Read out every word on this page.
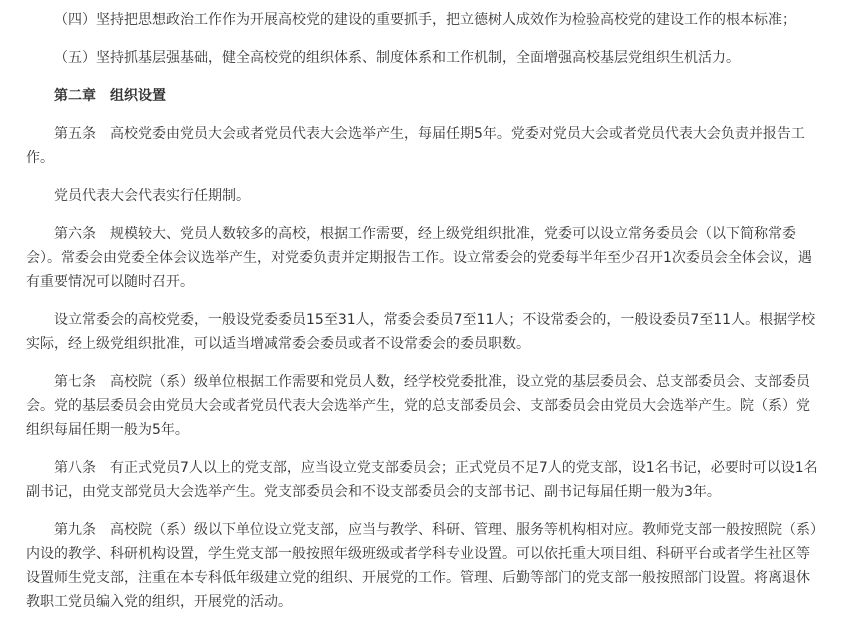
（四）坚持把思想政治工作作为开展高校党的建设的重要抓手，把立德树人成效作为检验高校党的建设工作的根本标准；

（五）坚持抓基层强基础，健全高校党的组织体系、制度体系和工作机制，全面增强高校基层党组织生机活力。

第二章　组织设置

第五条　高校党委由党员大会或者党员代表大会选举产生，每届任期5年。党委对党员大会或者党员代表大会负责并报告工作。

党员代表大会代表实行任期制。

第六条　规模较大、党员人数较多的高校，根据工作需要，经上级党组织批准，党委可以设立常务委员会（以下简称常委会）。常委会由党委全体会议选举产生，对党委负责并定期报告工作。设立常委会的党委每半年至少召开1次委员会全体会议，遇有重要情况可以随时召开。

设立常委会的高校党委，一般设党委委员15至31人，常委会委员7至11人；不设常委会的，一般设委员7至11人。根据学校实际，经上级党组织批准，可以适当增减常委会委员或者不设常委会的委员职数。

第七条　高校院（系）级单位根据工作需要和党员人数，经学校党委批准，设立党的基层委员会、总支部委员会、支部委员会。党的基层委员会由党员大会或者党员代表大会选举产生，党的总支部委员会、支部委员会由党员大会选举产生。院（系）党组织每届任期一般为5年。

第八条　有正式党员7人以上的党支部，应当设立党支部委员会；正式党员不足7人的党支部，设1名书记，必要时可以设1名副书记，由党支部党员大会选举产生。党支部委员会和不设支部委员会的支部书记、副书记每届任期一般为3年。

第九条　高校院（系）级以下单位设立党支部，应当与教学、科研、管理、服务等机构相对应。教师党支部一般按照院（系）内设的教学、科研机构设置，学生党支部一般按照年级班级或者学科专业设置。可以依托重大项目组、科研平台或者学生社区等设置师生党支部，注重在本专科低年级建立党的组织、开展党的工作。管理、后勤等部门的党支部一般按照部门设置。将离退休教职工党员编入党的组织，开展党的活动。
